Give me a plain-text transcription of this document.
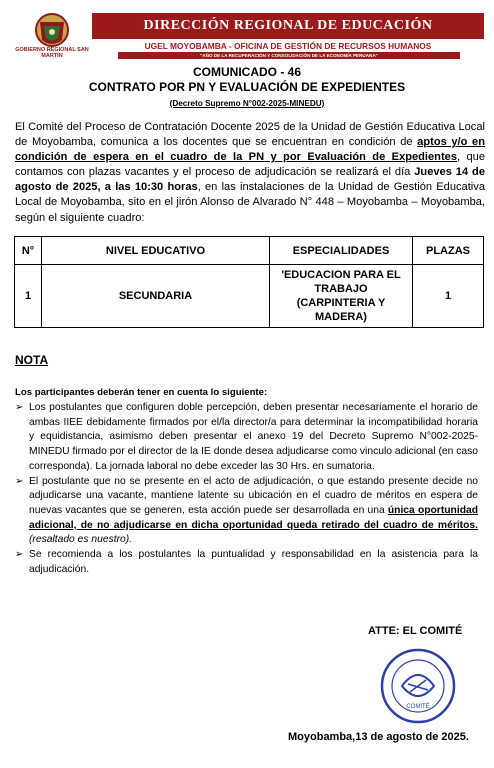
GOBIERNO REGIONAL SAN MARTÍN
DIRECCIÓN REGIONAL DE EDUCACIÓN
UGEL MOYOBAMBA - OFICINA DE GESTIÓN DE RECURSOS HUMANOS
"AÑO DE LA RECUPERACIÓN Y CONSOLIDACIÓN DE LA ECONOMÍA PERUANA"
COMUNICADO - 46
CONTRATO POR PN Y EVALUACIÓN DE EXPEDIENTES
(Decreto Supremo N°002-2025-MINEDU)
El Comité del Proceso de Contratación Docente 2025 de la Unidad de Gestión Educativa Local de Moyobamba, comunica a los docentes que se encuentran en condición de aptos y/o en condición de espera en el cuadro de la PN y por Evaluación de Expedientes, que contamos con plazas vacantes y el proceso de adjudicación se realizará el día Jueves 14 de agosto de 2025, a las 10:30 horas, en las instalaciones de la Unidad de Gestión Educativa Local de Moyobamba, sito en el jirón Alonso de Alvarado N° 448 – Moyobamba – Moyobamba, según el siguiente cuadro:
N°	NIVEL EDUCATIVO	ESPECIALIDADES	PLAZAS
1	SECUNDARIA	'EDUCACION PARA EL TRABAJO (CARPINTERIA Y MADERA)	1
NOTA
Los participantes deberán tener en cuenta lo siguiente:
➢ Los postulantes que configuren doble percepción, deben presentar necesariamente el horario de ambas IIEE debidamente firmados por el/la director/a para determinar la incompatibilidad horaria y equidistancia, asimismo deben presentar el anexo 19 del Decreto Supremo N°002-2025-MINEDU firmado por el director de la IE donde desea adjudicarse como vinculo adicional (en caso corresponda). La jornada laboral no debe exceder las 30 Hrs. en sumatoria.
➢ El postulante que no se presente en el acto de adjudicación, o que estando presente decide no adjudicarse una vacante, mantiene latente su ubicación en el cuadro de méritos en espera de nuevas vacantes que se generen, esta acción puede ser desarrollada en una única oportunidad adicional, de no adjudicarse en dicha oportunidad queda retirado del cuadro de méritos. (resaltado es nuestro).
➢ Se recomienda a los postulantes la puntualidad y responsabilidad en la asistencia para la adjudicación.
ATTE: EL COMITÉ
COMITÉ
Moyobamba,13 de agosto de 2025.
